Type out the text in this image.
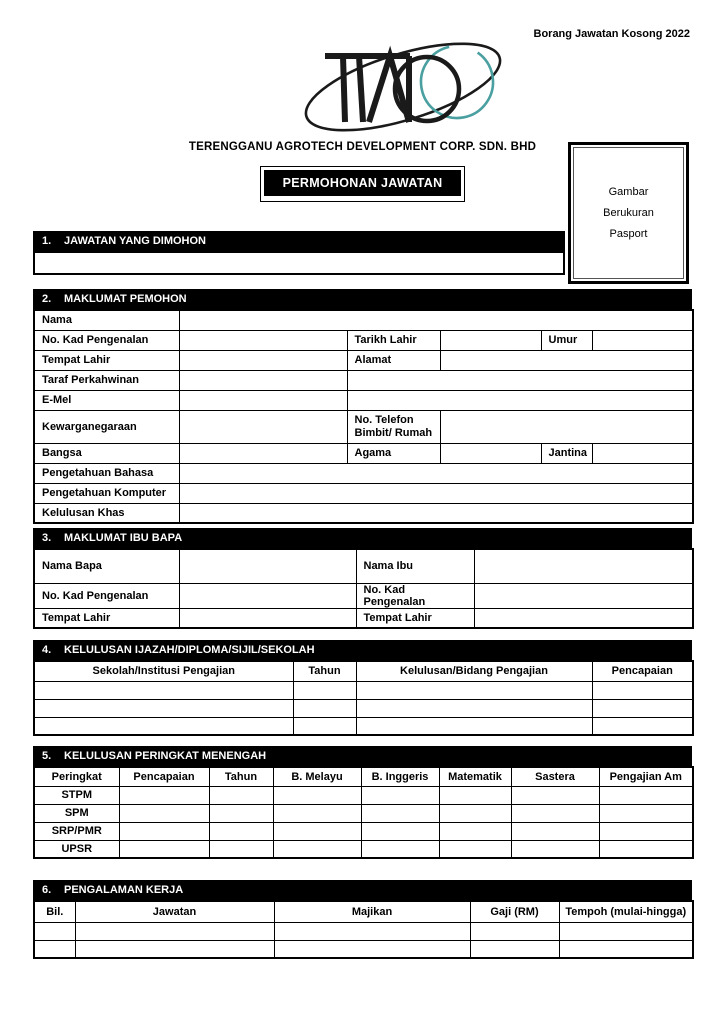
Borang Jawatan Kosong 2022
TERENGGANU AGROTECH DEVELOPMENT CORP. SDN. BHD
PERMOHONAN JAWATAN
Gambar
Berukuran
Pasport
1.	JAWATAN YANG DIMOHON
2.	MAKLUMAT PEMOHON
Nama					
No. Kad Pengenalan		Tarikh Lahir		Umur	
Tempat Lahir		Alamat			
Taraf Perkahwinan					
E-Mel					
Kewarganegaraan		No. Telefon
Bimbit/ Rumah			

Bangsa		Agama		Jantina	
Pengetahuan Bahasa					
Pengetahuan Komputer					
Kelulusan Khas					
3.	MAKLUMAT IBU BAPA
Nama Bapa		Nama Ibu	
No. Kad Pengenalan		No. Kad Pengenalan	
Tempat Lahir		Tempat Lahir	
4.	KELULUSAN IJAZAH/DIPLOMA/SIJIL/SEKOLAH
Sekolah/Institusi Pengajian	Tahun	Kelulusan/Bidang Pengajian	Pencapaian

5.	KELULUSAN PERINGKAT MENENGAH
Peringkat	Pencapaian	Tahun	B. Melayu	B. Inggeris	Matematik	Sastera	Pengajian Am
STPM							
SPM							
SRP/PMR							
UPSR							
6.	PENGALAMAN KERJA
Bil.	Jawatan	Majikan	Gaji (RM)	Tempoh (mulai-hingga)
